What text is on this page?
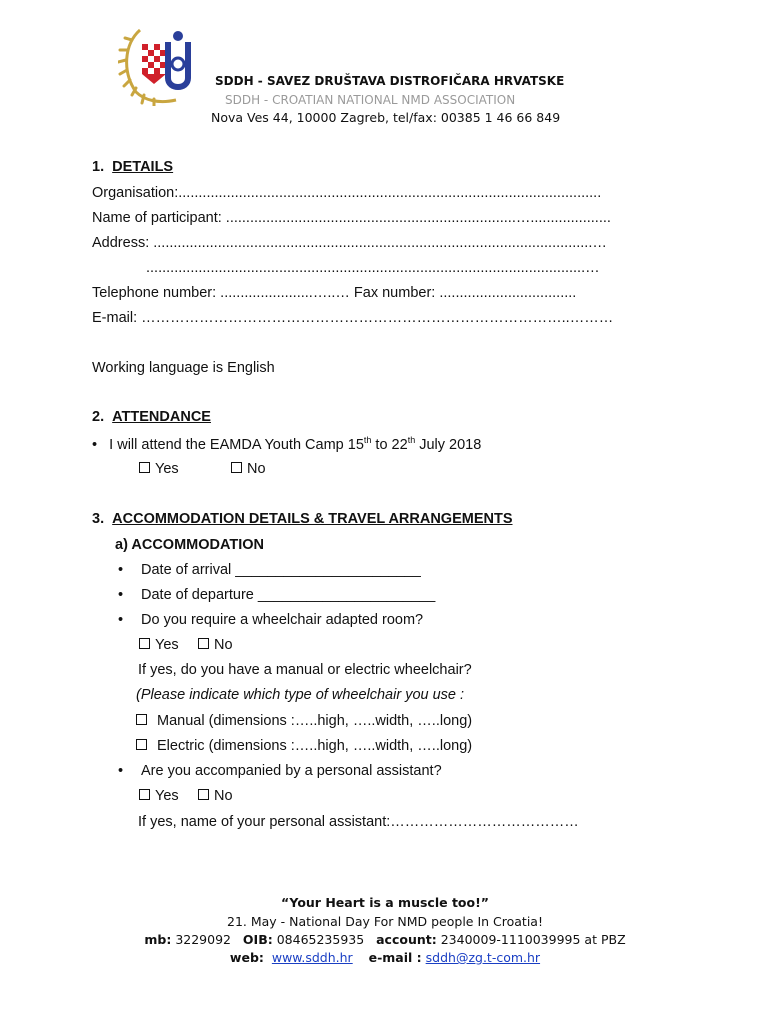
SDDH - SAVEZ DRUŠTAVA DISTROFIČARA HRVATSKE
SDDH - CROATIAN NATIONAL NMD ASSOCIATION
Nova Ves 44, 10000 Zagreb, tel/fax: 00385 1 46 66 849
1. DETAILS
Organisation:.........................................................................................................
Name of participant: ........................................................................…....................
Address: .............................................................................................................…
.............................................................................................................…
Telephone number: .......................…..… Fax number: ..................................
E-mail: ……………………………………………………………………………..………
Working language is English
2. ATTENDANCE
• I will attend the EAMDA Youth Camp 15th to 22th July 2018
Yes	No
3. ACCOMMODATION DETAILS & TRAVEL ARRANGEMENTS
a) ACCOMMODATION
• Date of arrival _______________________
• Date of departure ______________________
• Do you require a wheelchair adapted room?
Yes	No
If yes, do you have a manual or electric wheelchair?
(Please indicate which type of wheelchair you use :
Manual (dimensions :…..high, …..width, …..long)
Electric (dimensions :…..high, …..width, …..long)
• Are you accompanied by a personal assistant?
Yes	No
If yes, name of your personal assistant:…………………………………
“Your Heart is a muscle too!”
21. May - National Day For NMD people In Croatia!
mb: 3229092 OIB: 08465235935 account: 2340009-1110039995 at PBZ
web: www.sddh.hr e-mail : sddh@zg.t-com.hr
